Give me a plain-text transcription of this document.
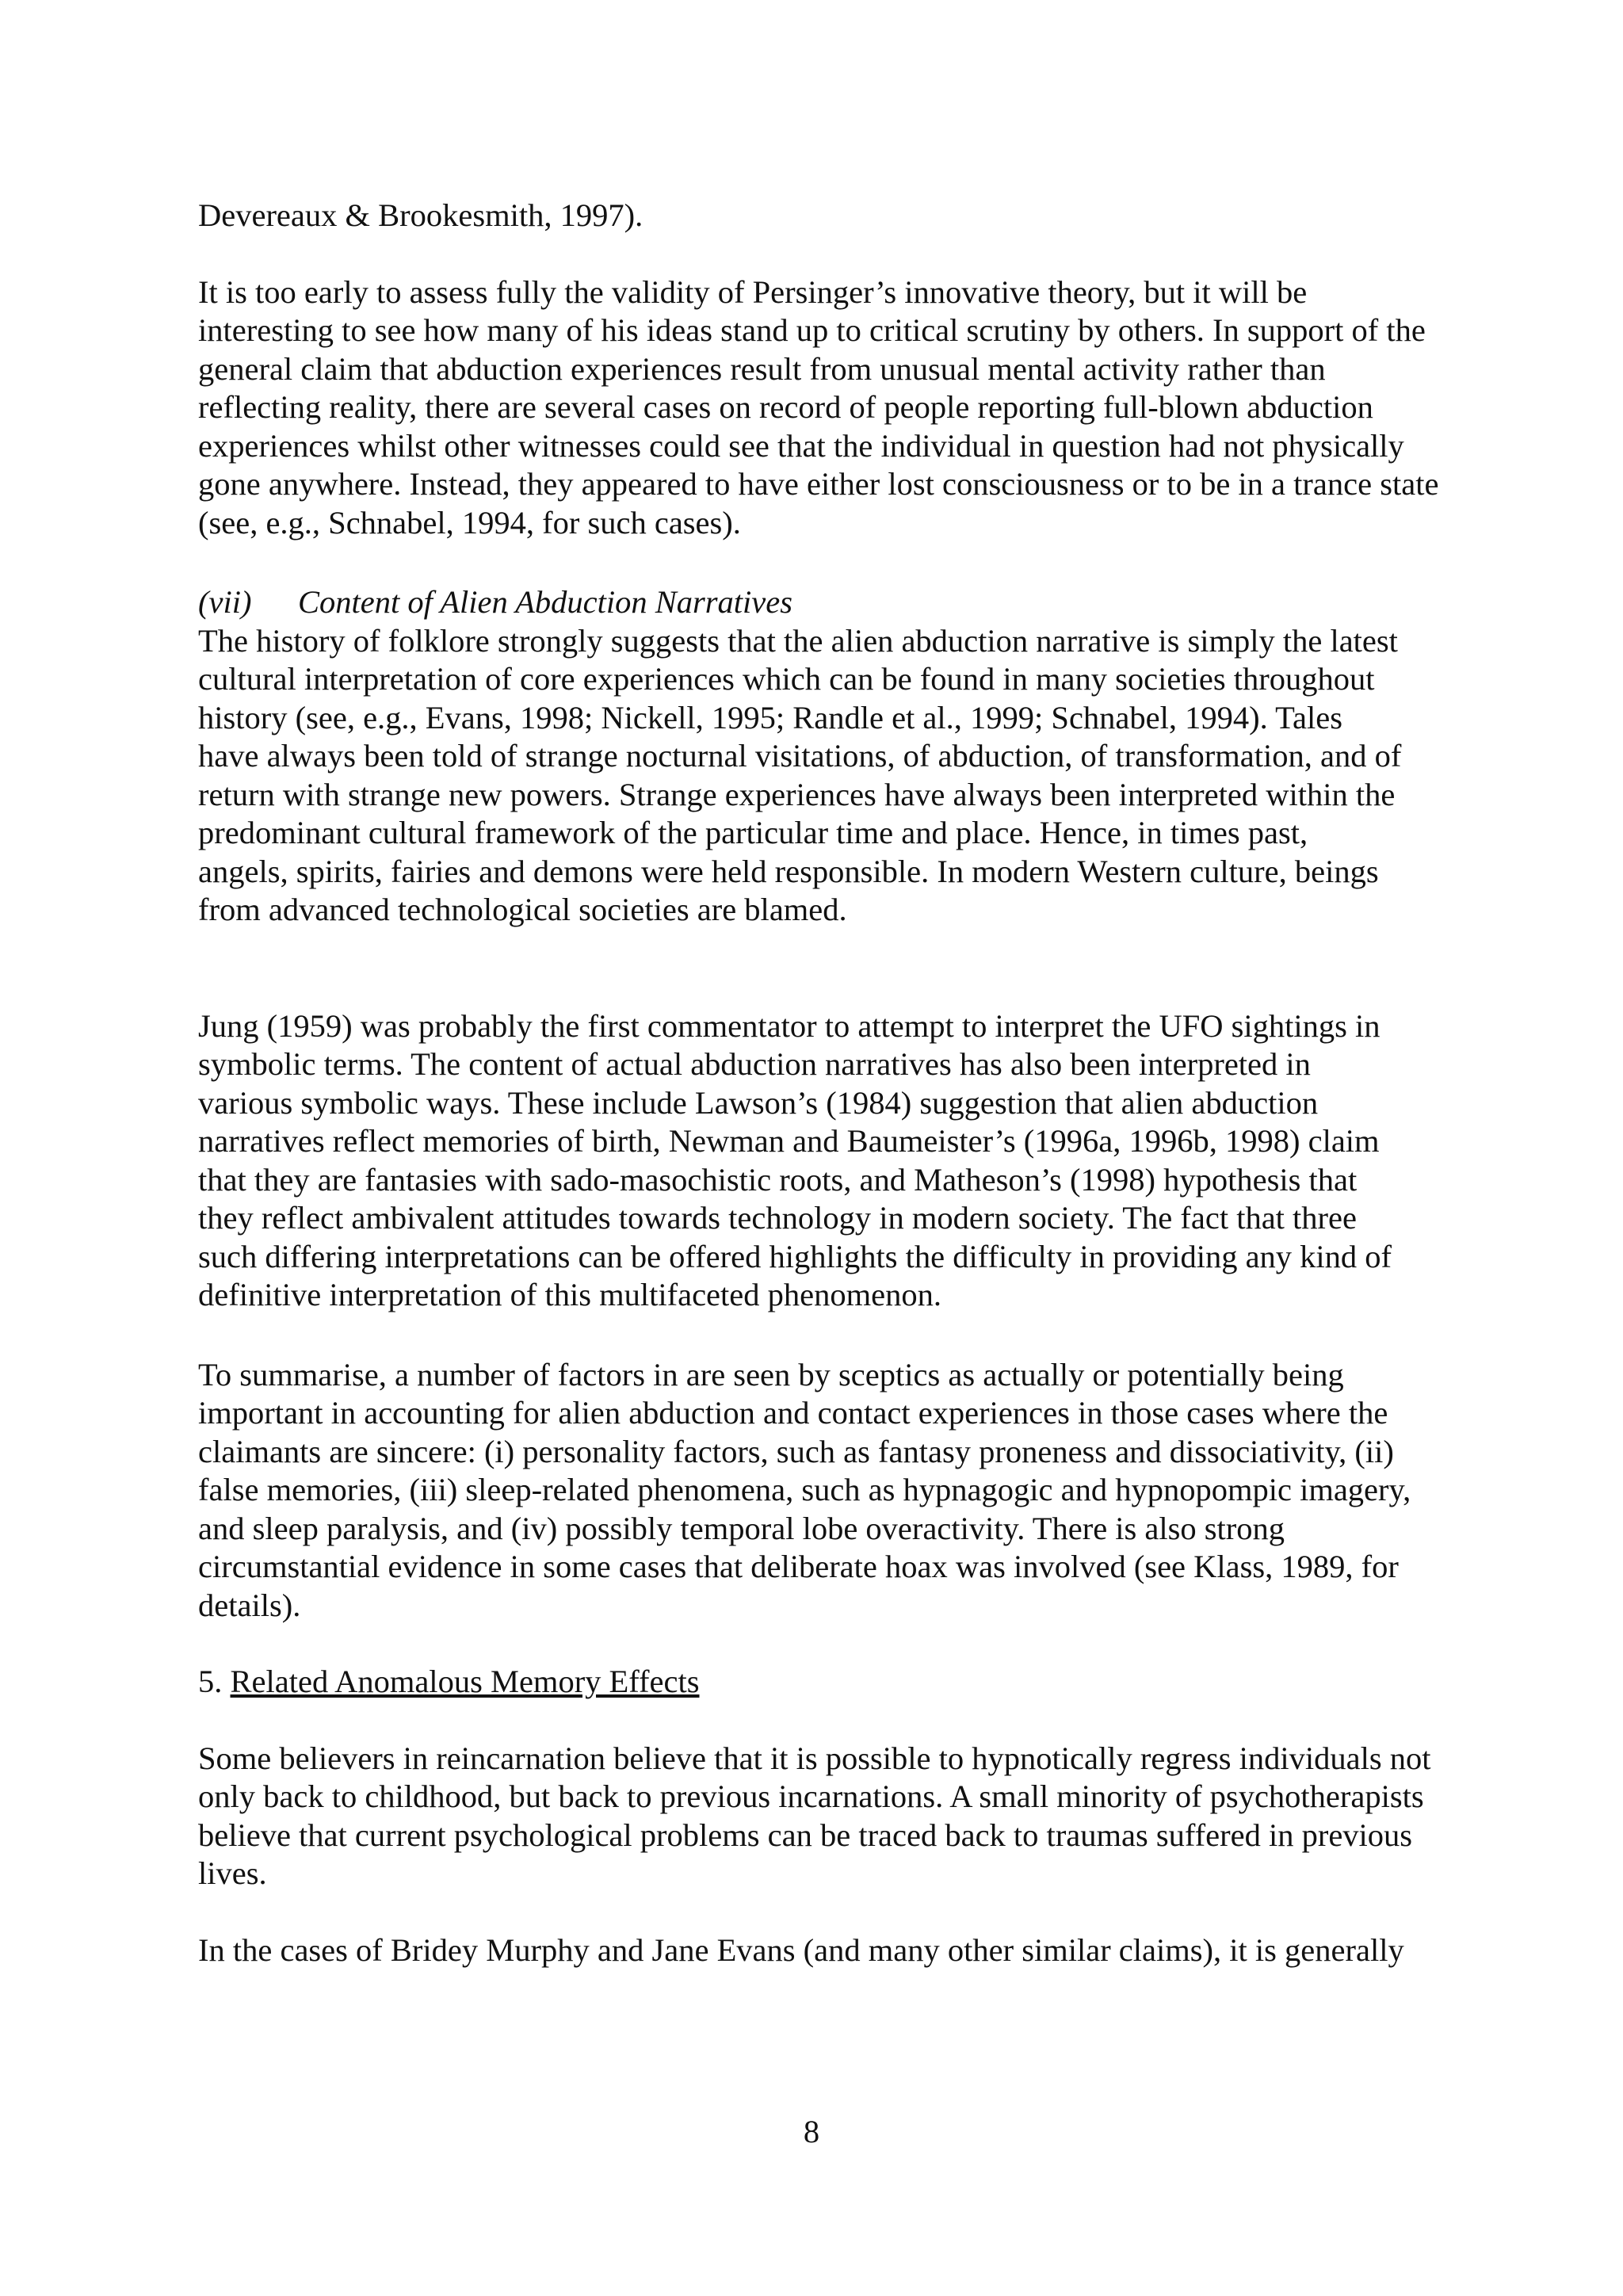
Devereaux & Brookesmith, 1997).

It is too early to assess fully the validity of Persinger’s innovative theory, but it will be
interesting to see how many of his ideas stand up to critical scrutiny by others. In support of the
general claim that abduction experiences result from unusual mental activity rather than
reflecting reality, there are several cases on record of people reporting full-blown abduction
experiences whilst other witnesses could see that the individual in question had not physically
gone anywhere. Instead, they appeared to have either lost consciousness or to be in a trance state
(see, e.g., Schnabel, 1994, for such cases).

(vii) Content of Alien Abduction Narratives

The history of folklore strongly suggests that the alien abduction narrative is simply the latest
cultural interpretation of core experiences which can be found in many societies throughout
history (see, e.g., Evans, 1998; Nickell, 1995; Randle et al., 1999; Schnabel, 1994). Tales
have always been told of strange nocturnal visitations, of abduction, of transformation, and of
return with strange new powers. Strange experiences have always been interpreted within the
predominant cultural framework of the particular time and place. Hence, in times past,
angels, spirits, fairies and demons were held responsible. In modern Western culture, beings
from advanced technological societies are blamed.

Jung (1959) was probably the first commentator to attempt to interpret the UFO sightings in
symbolic terms. The content of actual abduction narratives has also been interpreted in
various symbolic ways. These include Lawson’s (1984) suggestion that alien abduction
narratives reflect memories of birth, Newman and Baumeister’s (1996a, 1996b, 1998) claim
that they are fantasies with sado-masochistic roots, and Matheson’s (1998) hypothesis that
they reflect ambivalent attitudes towards technology in modern society. The fact that three
such differing interpretations can be offered highlights the difficulty in providing any kind of
definitive interpretation of this multifaceted phenomenon.

To summarise, a number of factors in are seen by sceptics as actually or potentially being
important in accounting for alien abduction and contact experiences in those cases where the
claimants are sincere: (i) personality factors, such as fantasy proneness and dissociativity, (ii)
false memories, (iii) sleep-related phenomena, such as hypnagogic and hypnopompic imagery,
and sleep paralysis, and (iv) possibly temporal lobe overactivity. There is also strong
circumstantial evidence in some cases that deliberate hoax was involved (see Klass, 1989, for
details).

5. Related Anomalous Memory Effects

Some believers in reincarnation believe that it is possible to hypnotically regress individuals not
only back to childhood, but back to previous incarnations. A small minority of psychotherapists
believe that current psychological problems can be traced back to traumas suffered in previous
lives.

In the cases of Bridey Murphy and Jane Evans (and many other similar claims), it is generally

8
